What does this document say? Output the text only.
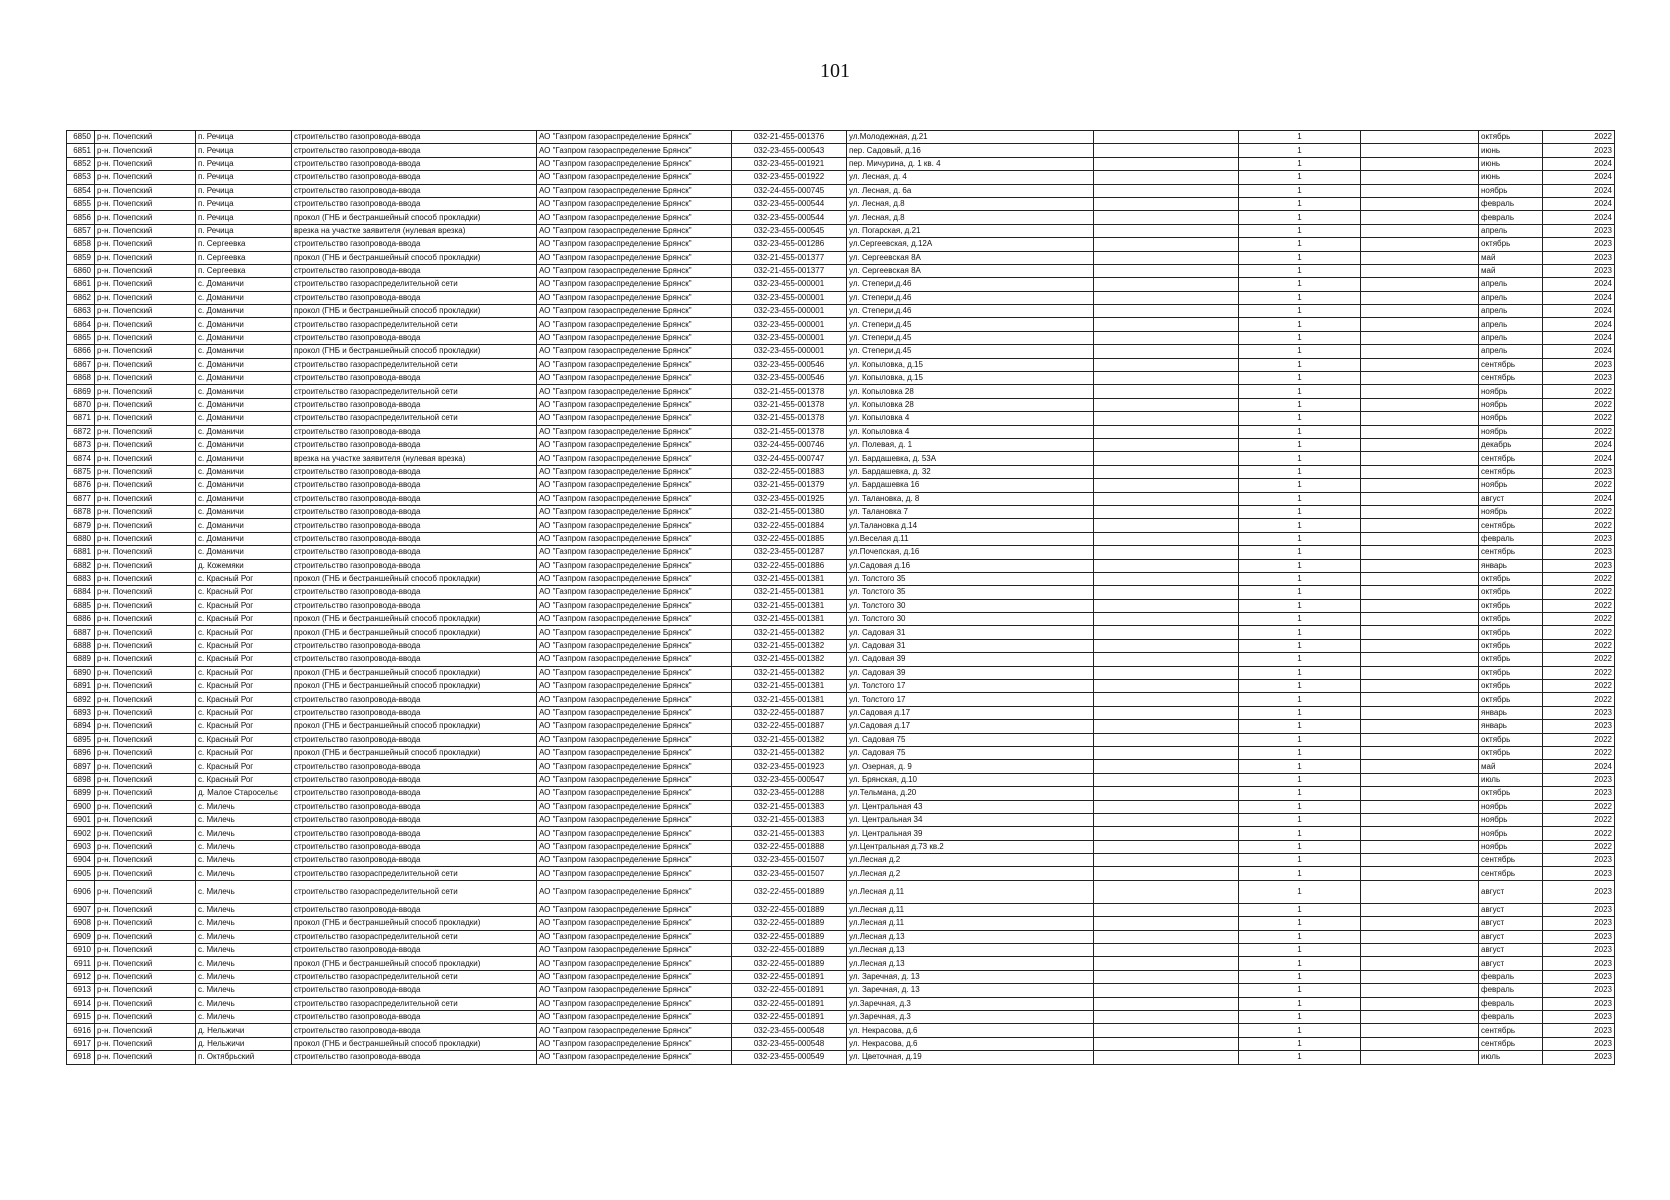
101
6850	р-н. Почепский	п. Речица	строительство газопровода-ввода	АО "Газпром газораспределение Брянск"	032-21-455-001376	ул.Молодежная, д.21		1		октябрь	2022
6851	р-н. Почепский	п. Речица	строительство газопровода-ввода	АО "Газпром газораспределение Брянск"	032-23-455-000543	пер. Садовый, д.16		1		июнь	2023
6852	р-н. Почепский	п. Речица	строительство газопровода-ввода	АО "Газпром газораспределение Брянск"	032-23-455-001921	пер. Мичурина, д. 1 кв. 4		1		июнь	2024
6853	р-н. Почепский	п. Речица	строительство газопровода-ввода	АО "Газпром газораспределение Брянск"	032-23-455-001922	ул. Лесная, д. 4		1		июнь	2024
6854	р-н. Почепский	п. Речица	строительство газопровода-ввода	АО "Газпром газораспределение Брянск"	032-24-455-000745	ул. Лесная, д. 6а		1		ноябрь	2024
6855	р-н. Почепский	п. Речица	строительство газопровода-ввода	АО "Газпром газораспределение Брянск"	032-23-455-000544	ул. Лесная, д.8		1		февраль	2024
6856	р-н. Почепский	п. Речица	прокол (ГНБ и бестраншейный способ прокладки)	АО "Газпром газораспределение Брянск"	032-23-455-000544	ул. Лесная, д.8		1		февраль	2024
6857	р-н. Почепский	п. Речица	врезка на участке заявителя (нулевая врезка)	АО "Газпром газораспределение Брянск"	032-23-455-000545	ул. Погарская, д.21		1		апрель	2023
6858	р-н. Почепский	п. Сергеевка	строительство газопровода-ввода	АО "Газпром газораспределение Брянск"	032-23-455-001286	ул.Сергеевская, д.12А		1		октябрь	2023
6859	р-н. Почепский	п. Сергеевка	прокол (ГНБ и бестраншейный способ прокладки)	АО "Газпром газораспределение Брянск"	032-21-455-001377	ул. Сергеевская 8А		1		май	2023
6860	р-н. Почепский	п. Сергеевка	строительство газопровода-ввода	АО "Газпром газораспределение Брянск"	032-21-455-001377	ул. Сергеевская 8А		1		май	2023
6861	р-н. Почепский	с. Доманичи	строительство газораспределительной сети	АО "Газпром газораспределение Брянск"	032-23-455-000001	ул. Степери,д.46		1		апрель	2024
6862	р-н. Почепский	с. Доманичи	строительство газопровода-ввода	АО "Газпром газораспределение Брянск"	032-23-455-000001	ул. Степери,д.46		1		апрель	2024
6863	р-н. Почепский	с. Доманичи	прокол (ГНБ и бестраншейный способ прокладки)	АО "Газпром газораспределение Брянск"	032-23-455-000001	ул. Степери,д.46		1		апрель	2024
6864	р-н. Почепский	с. Доманичи	строительство газораспределительной сети	АО "Газпром газораспределение Брянск"	032-23-455-000001	ул. Степери,д.45		1		апрель	2024
6865	р-н. Почепский	с. Доманичи	строительство газопровода-ввода	АО "Газпром газораспределение Брянск"	032-23-455-000001	ул. Степери,д.45		1		апрель	2024
6866	р-н. Почепский	с. Доманичи	прокол (ГНБ и бестраншейный способ прокладки)	АО "Газпром газораспределение Брянск"	032-23-455-000001	ул. Степери,д.45		1		апрель	2024
6867	р-н. Почепский	с. Доманичи	строительство газораспределительной сети	АО "Газпром газораспределение Брянск"	032-23-455-000546	ул. Копыловка, д.15		1		сентябрь	2023
6868	р-н. Почепский	с. Доманичи	строительство газопровода-ввода	АО "Газпром газораспределение Брянск"	032-23-455-000546	ул. Копыловка, д.15		1		сентябрь	2023
6869	р-н. Почепский	с. Доманичи	строительство газораспределительной сети	АО "Газпром газораспределение Брянск"	032-21-455-001378	ул. Копыловка 28		1		ноябрь	2022
6870	р-н. Почепский	с. Доманичи	строительство газопровода-ввода	АО "Газпром газораспределение Брянск"	032-21-455-001378	ул. Копыловка 28		1		ноябрь	2022
6871	р-н. Почепский	с. Доманичи	строительство газораспределительной сети	АО "Газпром газораспределение Брянск"	032-21-455-001378	ул. Копыловка 4		1		ноябрь	2022
6872	р-н. Почепский	с. Доманичи	строительство газопровода-ввода	АО "Газпром газораспределение Брянск"	032-21-455-001378	ул. Копыловка 4		1		ноябрь	2022
6873	р-н. Почепский	с. Доманичи	строительство газопровода-ввода	АО "Газпром газораспределение Брянск"	032-24-455-000746	ул. Полевая, д. 1		1		декабрь	2024
6874	р-н. Почепский	с. Доманичи	врезка на участке заявителя (нулевая врезка)	АО "Газпром газораспределение Брянск"	032-24-455-000747	ул. Бардашевка, д. 53А		1		сентябрь	2024
6875	р-н. Почепский	с. Доманичи	строительство газопровода-ввода	АО "Газпром газораспределение Брянск"	032-22-455-001883	ул. Бардашевка, д. 32		1		сентябрь	2023
6876	р-н. Почепский	с. Доманичи	строительство газопровода-ввода	АО "Газпром газораспределение Брянск"	032-21-455-001379	ул. Бардашевка 16		1		ноябрь	2022
6877	р-н. Почепский	с. Доманичи	строительство газопровода-ввода	АО "Газпром газораспределение Брянск"	032-23-455-001925	ул. Талановка, д. 8		1		август	2024
6878	р-н. Почепский	с. Доманичи	строительство газопровода-ввода	АО "Газпром газораспределение Брянск"	032-21-455-001380	ул. Талановка 7		1		ноябрь	2022
6879	р-н. Почепский	с. Доманичи	строительство газопровода-ввода	АО "Газпром газораспределение Брянск"	032-22-455-001884	ул.Талановка д.14		1		сентябрь	2022
6880	р-н. Почепский	с. Доманичи	строительство газопровода-ввода	АО "Газпром газораспределение Брянск"	032-22-455-001885	ул.Веселая д.11		1		февраль	2023
6881	р-н. Почепский	с. Доманичи	строительство газопровода-ввода	АО "Газпром газораспределение Брянск"	032-23-455-001287	ул.Почепская, д.16		1		сентябрь	2023
6882	р-н. Почепский	д. Кожемяки	строительство газопровода-ввода	АО "Газпром газораспределение Брянск"	032-22-455-001886	ул.Садовая д.16		1		январь	2023
6883	р-н. Почепский	с. Красный Рог	прокол (ГНБ и бестраншейный способ прокладки)	АО "Газпром газораспределение Брянск"	032-21-455-001381	ул. Толстого 35		1		октябрь	2022
6884	р-н. Почепский	с. Красный Рог	строительство газопровода-ввода	АО "Газпром газораспределение Брянск"	032-21-455-001381	ул. Толстого 35		1		октябрь	2022
6885	р-н. Почепский	с. Красный Рог	строительство газопровода-ввода	АО "Газпром газораспределение Брянск"	032-21-455-001381	ул. Толстого 30		1		октябрь	2022
6886	р-н. Почепский	с. Красный Рог	прокол (ГНБ и бестраншейный способ прокладки)	АО "Газпром газораспределение Брянск"	032-21-455-001381	ул. Толстого 30		1		октябрь	2022
6887	р-н. Почепский	с. Красный Рог	прокол (ГНБ и бестраншейный способ прокладки)	АО "Газпром газораспределение Брянск"	032-21-455-001382	ул. Садовая 31		1		октябрь	2022
6888	р-н. Почепский	с. Красный Рог	строительство газопровода-ввода	АО "Газпром газораспределение Брянск"	032-21-455-001382	ул. Садовая 31		1		октябрь	2022
6889	р-н. Почепский	с. Красный Рог	строительство газопровода-ввода	АО "Газпром газораспределение Брянск"	032-21-455-001382	ул. Садовая 39		1		октябрь	2022
6890	р-н. Почепский	с. Красный Рог	прокол (ГНБ и бестраншейный способ прокладки)	АО "Газпром газораспределение Брянск"	032-21-455-001382	ул. Садовая 39		1		октябрь	2022
6891	р-н. Почепский	с. Красный Рог	прокол (ГНБ и бестраншейный способ прокладки)	АО "Газпром газораспределение Брянск"	032-21-455-001381	ул. Толстого 17		1		октябрь	2022
6892	р-н. Почепский	с. Красный Рог	строительство газопровода-ввода	АО "Газпром газораспределение Брянск"	032-21-455-001381	ул. Толстого 17		1		октябрь	2022
6893	р-н. Почепский	с. Красный Рог	строительство газопровода-ввода	АО "Газпром газораспределение Брянск"	032-22-455-001887	ул.Садовая д.17		1		январь	2023
6894	р-н. Почепский	с. Красный Рог	прокол (ГНБ и бестраншейный способ прокладки)	АО "Газпром газораспределение Брянск"	032-22-455-001887	ул.Садовая д.17		1		январь	2023
6895	р-н. Почепский	с. Красный Рог	строительство газопровода-ввода	АО "Газпром газораспределение Брянск"	032-21-455-001382	ул. Садовая 75		1		октябрь	2022
6896	р-н. Почепский	с. Красный Рог	прокол (ГНБ и бестраншейный способ прокладки)	АО "Газпром газораспределение Брянск"	032-21-455-001382	ул. Садовая 75		1		октябрь	2022
6897	р-н. Почепский	с. Красный Рог	строительство газопровода-ввода	АО "Газпром газораспределение Брянск"	032-23-455-001923	ул. Озерная, д. 9		1		май	2024
6898	р-н. Почепский	с. Красный Рог	строительство газопровода-ввода	АО "Газпром газораспределение Брянск"	032-23-455-000547	ул. Брянская, д.10		1		июль	2023
6899	р-н. Почепский	д. Малое Старосельє	строительство газопровода-ввода	АО "Газпром газораспределение Брянск"	032-23-455-001288	ул.Тельмана, д.20		1		октябрь	2023
6900	р-н. Почепский	с. Милечь	строительство газопровода-ввода	АО "Газпром газораспределение Брянск"	032-21-455-001383	ул. Центральная 43		1		ноябрь	2022
6901	р-н. Почепский	с. Милечь	строительство газопровода-ввода	АО "Газпром газораспределение Брянск"	032-21-455-001383	ул. Центральная 34		1		ноябрь	2022
6902	р-н. Почепский	с. Милечь	строительство газопровода-ввода	АО "Газпром газораспределение Брянск"	032-21-455-001383	ул. Центральная 39		1		ноябрь	2022
6903	р-н. Почепский	с. Милечь	строительство газопровода-ввода	АО "Газпром газораспределение Брянск"	032-22-455-001888	ул.Центральная д.73 кв.2		1		ноябрь	2022
6904	р-н. Почепский	с. Милечь	строительство газопровода-ввода	АО "Газпром газораспределение Брянск"	032-23-455-001507	ул.Лесная д.2		1		сентябрь	2023
6905	р-н. Почепский	с. Милечь	строительство газораспределительной сети	АО "Газпром газораспределение Брянск"	032-23-455-001507	ул.Лесная д.2		1		сентябрь	2023
6906	р-н. Почепский	с. Милечь	строительство газораспределительной сети	АО "Газпром газораспределение Брянск"	032-22-455-001889	ул.Лесная д.11		1		август	2023
6907	р-н. Почепский	с. Милечь	строительство газопровода-ввода	АО "Газпром газораспределение Брянск"	032-22-455-001889	ул.Лесная д.11		1		август	2023
6908	р-н. Почепский	с. Милечь	прокол (ГНБ и бестраншейный способ прокладки)	АО "Газпром газораспределение Брянск"	032-22-455-001889	ул.Лесная д.11		1		август	2023
6909	р-н. Почепский	с. Милечь	строительство газораспределительной сети	АО "Газпром газораспределение Брянск"	032-22-455-001889	ул.Лесная д.13		1		август	2023
6910	р-н. Почепский	с. Милечь	строительство газопровода-ввода	АО "Газпром газораспределение Брянск"	032-22-455-001889	ул.Лесная д.13		1		август	2023
6911	р-н. Почепский	с. Милечь	прокол (ГНБ и бестраншейный способ прокладки)	АО "Газпром газораспределение Брянск"	032-22-455-001889	ул.Лесная д.13		1		август	2023
6912	р-н. Почепский	с. Милечь	строительство газораспределительной сети	АО "Газпром газораспределение Брянск"	032-22-455-001891	ул. Заречная, д. 13		1		февраль	2023
6913	р-н. Почепский	с. Милечь	строительство газопровода-ввода	АО "Газпром газораспределение Брянск"	032-22-455-001891	ул. Заречная, д. 13		1		февраль	2023
6914	р-н. Почепский	с. Милечь	строительство газораспределительной сети	АО "Газпром газораспределение Брянск"	032-22-455-001891	ул.Заречная, д.3		1		февраль	2023
6915	р-н. Почепский	с. Милечь	строительство газопровода-ввода	АО "Газпром газораспределение Брянск"	032-22-455-001891	ул.Заречная, д.3		1		февраль	2023
6916	р-н. Почепский	д. Нельжичи	строительство газопровода-ввода	АО "Газпром газораспределение Брянск"	032-23-455-000548	ул. Некрасова, д.6		1		сентябрь	2023
6917	р-н. Почепский	д. Нельжичи	прокол (ГНБ и бестраншейный способ прокладки)	АО "Газпром газораспределение Брянск"	032-23-455-000548	ул. Некрасова, д.6		1		сентябрь	2023
6918	р-н. Почепский	п. Октябрьский	строительство газопровода-ввода	АО "Газпром газораспределение Брянск"	032-23-455-000549	ул. Цветочная, д.19		1		июль	2023
